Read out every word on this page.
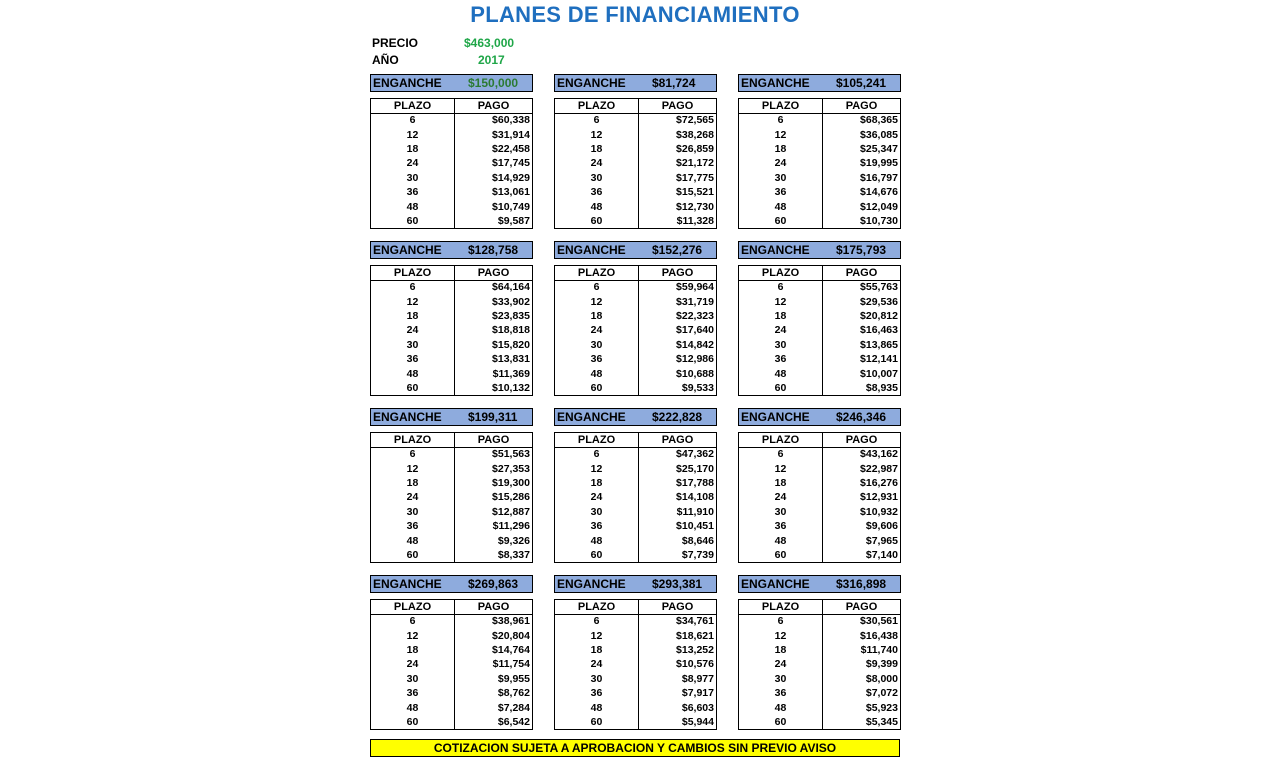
PLANES DE FINANCIAMIENTO
PRECIO	$463,000
AÑO	2017
ENGANCHE	$150,000
PLAZO	PAGO
6	$60,338
12	$31,914
18	$22,458
24	$17,745
30	$14,929
36	$13,061
48	$10,749
60	$9,587
ENGANCHE	$81,724
PLAZO	PAGO
6	$72,565
12	$38,268
18	$26,859
24	$21,172
30	$17,775
36	$15,521
48	$12,730
60	$11,328
ENGANCHE	$105,241
PLAZO	PAGO
6	$68,365
12	$36,085
18	$25,347
24	$19,995
30	$16,797
36	$14,676
48	$12,049
60	$10,730
ENGANCHE	$128,758
PLAZO	PAGO
6	$64,164
12	$33,902
18	$23,835
24	$18,818
30	$15,820
36	$13,831
48	$11,369
60	$10,132
ENGANCHE	$152,276
PLAZO	PAGO
6	$59,964
12	$31,719
18	$22,323
24	$17,640
30	$14,842
36	$12,986
48	$10,688
60	$9,533
ENGANCHE	$175,793
PLAZO	PAGO
6	$55,763
12	$29,536
18	$20,812
24	$16,463
30	$13,865
36	$12,141
48	$10,007
60	$8,935
ENGANCHE	$199,311
PLAZO	PAGO
6	$51,563
12	$27,353
18	$19,300
24	$15,286
30	$12,887
36	$11,296
48	$9,326
60	$8,337
ENGANCHE	$222,828
PLAZO	PAGO
6	$47,362
12	$25,170
18	$17,788
24	$14,108
30	$11,910
36	$10,451
48	$8,646
60	$7,739
ENGANCHE	$246,346
PLAZO	PAGO
6	$43,162
12	$22,987
18	$16,276
24	$12,931
30	$10,932
36	$9,606
48	$7,965
60	$7,140
ENGANCHE	$269,863
PLAZO	PAGO
6	$38,961
12	$20,804
18	$14,764
24	$11,754
30	$9,955
36	$8,762
48	$7,284
60	$6,542
ENGANCHE	$293,381
PLAZO	PAGO
6	$34,761
12	$18,621
18	$13,252
24	$10,576
30	$8,977
36	$7,917
48	$6,603
60	$5,944
ENGANCHE	$316,898
PLAZO	PAGO
6	$30,561
12	$16,438
18	$11,740
24	$9,399
30	$8,000
36	$7,072
48	$5,923
60	$5,345
COTIZACION SUJETA A APROBACION Y CAMBIOS SIN PREVIO AVISO
